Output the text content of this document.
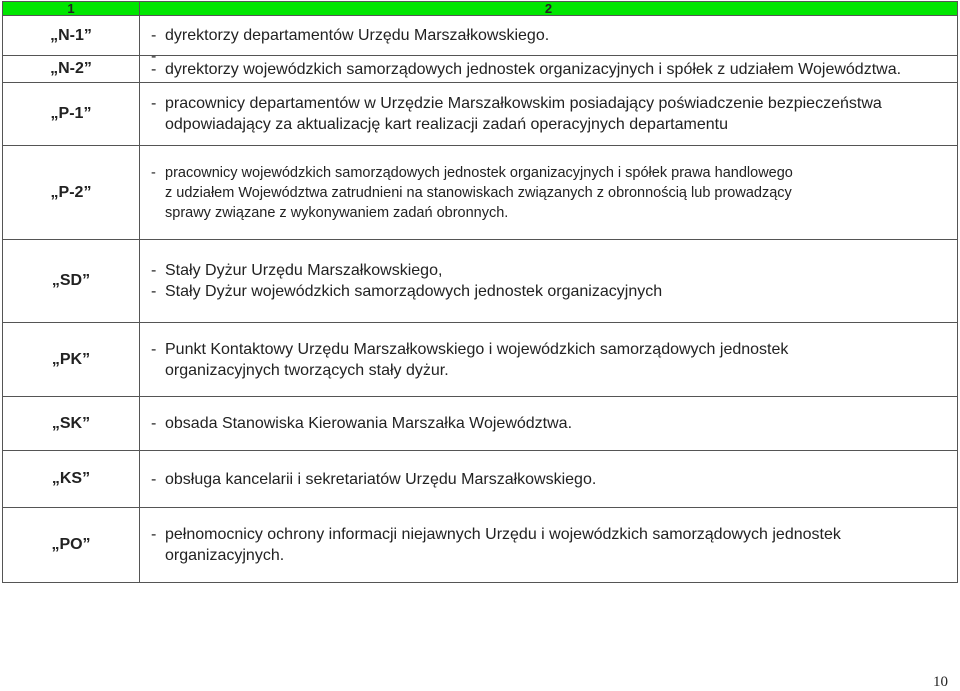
1	2
„N-1”	- dyrektorzy departamentów Urzędu Marszałkowskiego.
-

„N-2”	- dyrektorzy wojewódzkich samorządowych jednostek organizacyjnych i spółek z udziałem Województwa.

„P-1”	- pracownicy departamentów w Urzędzie Marszałkowskim posiadający poświadczenie bezpieczeństwa
odpowiadający za aktualizację kart realizacji zadań operacyjnych departamentu

„P-2”	- pracownicy wojewódzkich samorządowych jednostek organizacyjnych i spółek prawa handlowego
z udziałem Województwa zatrudnieni na stanowiskach związanych z obronnością lub prowadzący
sprawy związane z wykonywaniem zadań obronnych.

„SD”	- Stały Dyżur Urzędu Marszałkowskiego,
- Stały Dyżur wojewódzkich samorządowych jednostek organizacyjnych

„PK”	- Punkt Kontaktowy Urzędu Marszałkowskiego i wojewódzkich samorządowych jednostek
organizacyjnych tworzących stały dyżur.

„SK”	- obsada Stanowiska Kierowania Marszałka Województwa.

„KS”	- obsługa kancelarii i sekretariatów Urzędu Marszałkowskiego.

„PO”	- pełnomocnicy ochrony informacji niejawnych Urzędu i wojewódzkich samorządowych jednostek
organizacyjnych.
10
